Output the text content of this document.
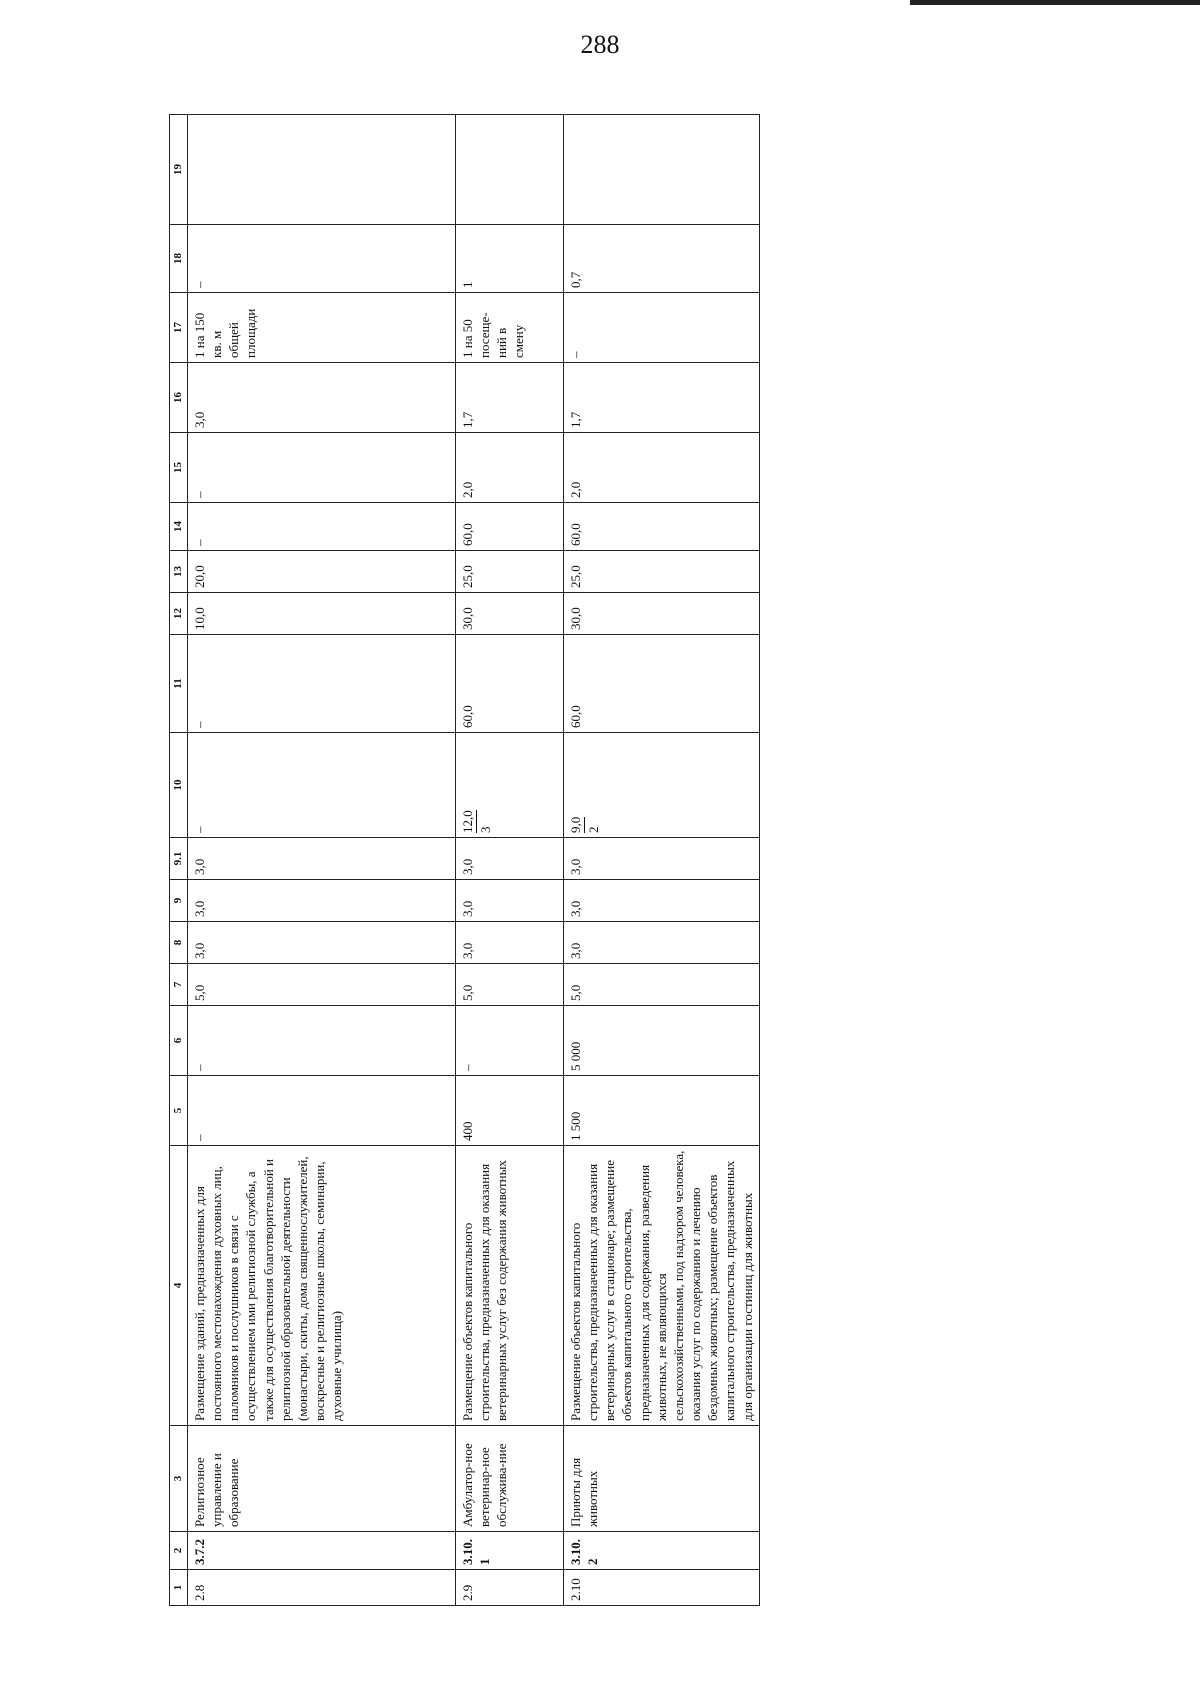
288
1	2	3	4	5	6	7	8	9	9.1	10	11	12	13	14	15	16	17	18	19
2.8	3.7.2	Религиозное управление и образование	Размещение зданий, предназначенных для постоянного местонахождения духовных лиц, паломников и послушников в связи с осуществлением ими религиозной службы, а также для осуществления благотворительной и религиозной образовательной деятельности (монастыри, скиты, дома священнослужителей, воскресные и религиозные школы, семинарии, духовные училища)	–	–	5,0	3,0	3,0	3,0	–	–	10,0	20,0	–	–	3,0	1 на 150 кв. м общей площади	–	
2.9	3.10.1	Амбулатор-ное ветеринар-ное обслужива-ние	Размещение объектов капитального строительства, предназначенных для оказания ветеринарных услуг без содержания животных	400	–	5,0	3,0	3,0	3,0	12,0 3	60,0	30,0	25,0	60,0	2,0	1,7	1 на 50 посеще-ний в смену	1	
2.10	3.10.2	Приюты для животных	Размещение объектов капитального строительства, предназначенных для оказания ветеринарных услуг в стационаре; размещение объектов капитального строительства, предназначенных для содержания, разведения животных, не являющихся сельскохозяйственными, под надзором человека, оказания услуг по содержанию и лечению бездомных животных; размещение объектов капитального строительства, предназначенных для организации гостиниц для животных	1 500	5 000	5,0	3,0	3,0	3,0	9,0 2	60,0	30,0	25,0	60,0	2,0	1,7	–	0,7	
